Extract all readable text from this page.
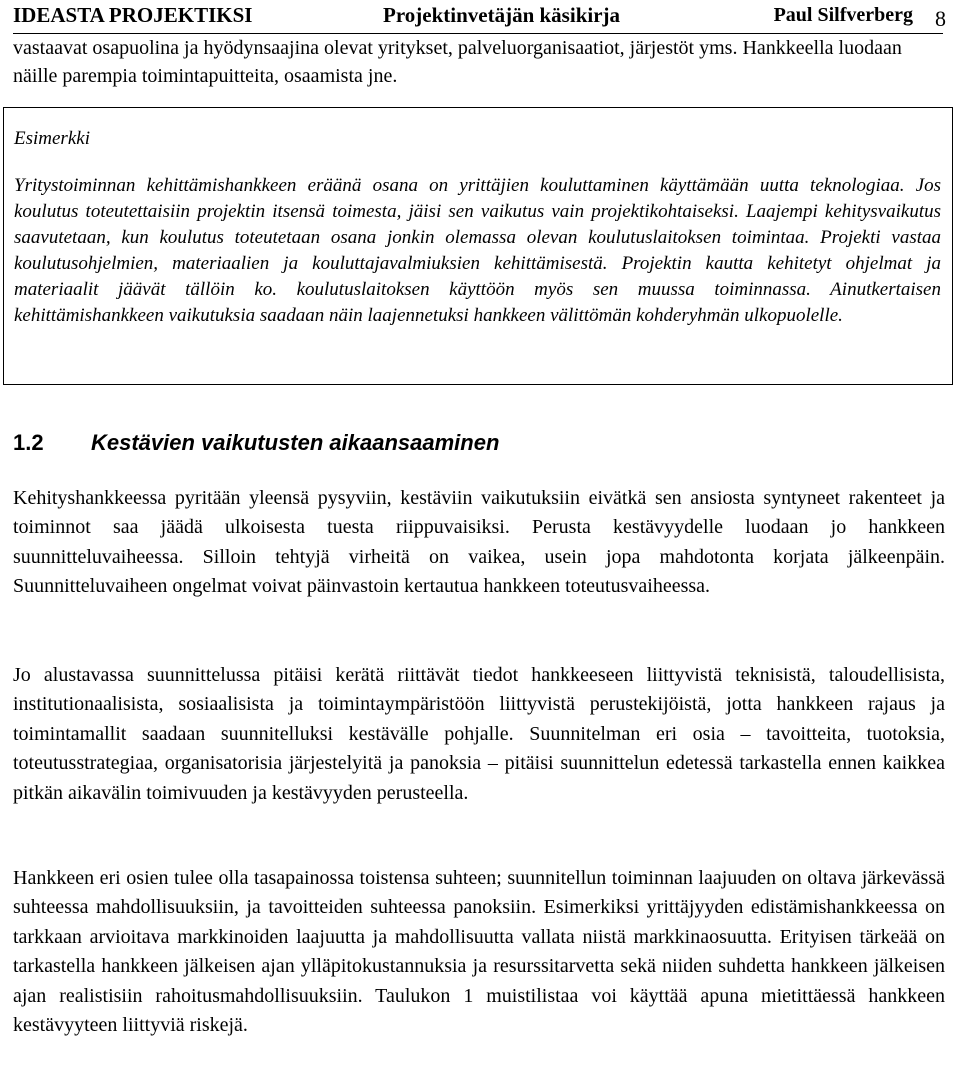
IDEASTA PROJEKTIKSI	Projektinvetäjän käsikirja	Paul Silfverberg 8

vastaavat osapuolina ja hyödynsaajina olevat yritykset, palveluorganisaatiot, järjestöt yms. Hankkeella luodaan näille parempia toimintapuitteita, osaamista jne.

Esimerkki

Yritystoiminnan kehittämishankkeen eräänä osana on yrittäjien kouluttaminen käyttämään uutta teknologiaa. Jos koulutus toteutettaisiin projektin itsensä toimesta, jäisi sen vaikutus vain projektikohtaiseksi. Laajempi kehitysvaikutus saavutetaan, kun koulutus toteutetaan osana jonkin olemassa olevan koulutuslaitoksen toimintaa. Projekti vastaa koulutusohjelmien, materiaalien ja kouluttajavalmiuksien kehittämisestä. Projektin kautta kehitetyt ohjelmat ja materiaalit jäävät tällöin ko. koulutuslaitoksen käyttöön myös sen muussa toiminnassa. Ainutkertaisen kehittämishankkeen vaikutuksia saadaan näin laajennetuksi hankkeen välittömän kohderyhmän ulkopuolelle.

1.2 Kestävien vaikutusten aikaansaaminen

Kehityshankkeessa pyritään yleensä pysyviin, kestäviin vaikutuksiin eivätkä sen ansiosta syntyneet rakenteet ja toiminnot saa jäädä ulkoisesta tuesta riippuvaisiksi. Perusta kestävyydelle luodaan jo hankkeen suunnitteluvaiheessa. Silloin tehtyjä virheitä on vaikea, usein jopa mahdotonta korjata jälkeenpäin. Suunnitteluvaiheen ongelmat voivat päinvastoin kertautua hankkeen toteutusvaiheessa.

Jo alustavassa suunnittelussa pitäisi kerätä riittävät tiedot hankkeeseen liittyvistä teknisistä, taloudellisista, institutionaalisista, sosiaalisista ja toimintaympäristöön liittyvistä perustekijöistä, jotta hankkeen rajaus ja toimintamallit saadaan suunnitelluksi kestävälle pohjalle. Suunnitelman eri osia – tavoitteita, tuotoksia, toteutusstrategiaa, organisatorisia järjestelyitä ja panoksia – pitäisi suunnittelun edetessä tarkastella ennen kaikkea pitkän aikavälin toimivuuden ja kestävyyden perusteella.

Hankkeen eri osien tulee olla tasapainossa toistensa suhteen; suunnitellun toiminnan laajuuden on oltava järkevässä suhteessa mahdollisuuksiin, ja tavoitteiden suhteessa panoksiin. Esimerkiksi yrittäjyyden edistämishankkeessa on tarkkaan arvioitava markkinoiden laajuutta ja mahdollisuutta vallata niistä markkinaosuutta. Erityisen tärkeää on tarkastella hankkeen jälkeisen ajan ylläpitokustannuksia ja resurssitarvetta sekä niiden suhdetta hankkeen jälkeisen ajan realistisiin rahoitusmahdollisuuksiin. Taulukon 1 muistilistaa voi käyttää apuna mietittäessä hankkeen kestävyyteen liittyviä riskejä.
